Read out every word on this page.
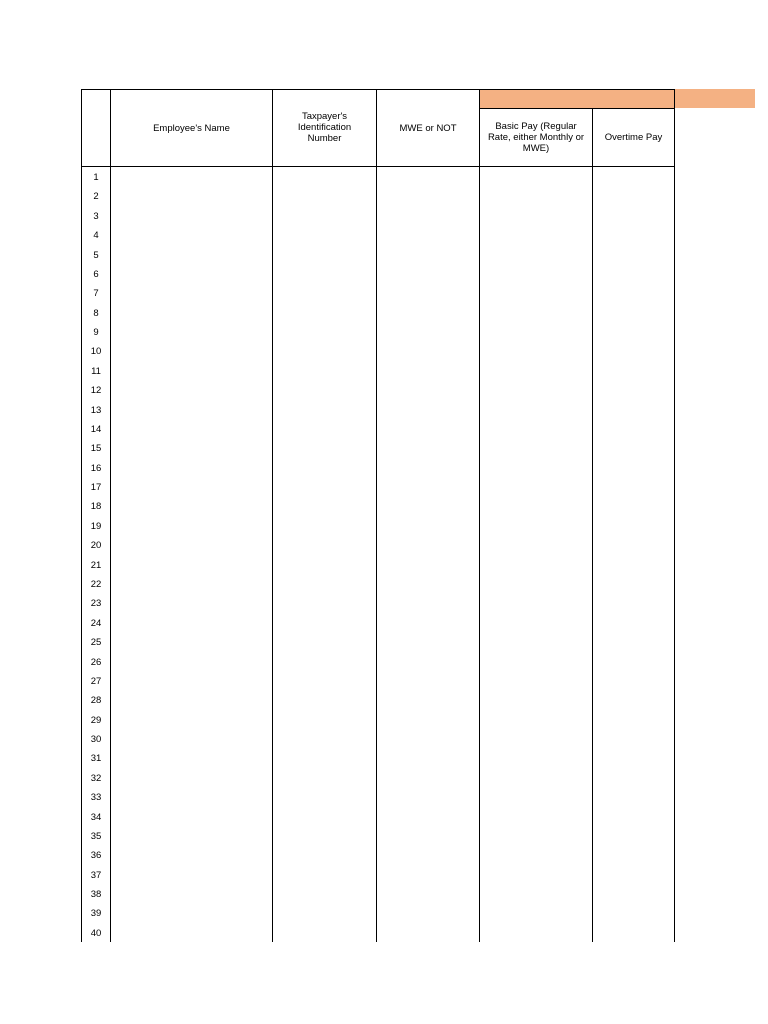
Employee's Name
Taxpayer's
Identification
Number
MWE or NOT	Basic Pay (Regular
Rate, either Monthly or
MWE)
Overtime Pay
1
2
3
4
5
6
7
8
9
10
11
12
13
14
15
16
17
18
19
20
21
22
23
24
25
26
27
28
29
30
31
32
33
34
35
36
37
38
39
40
